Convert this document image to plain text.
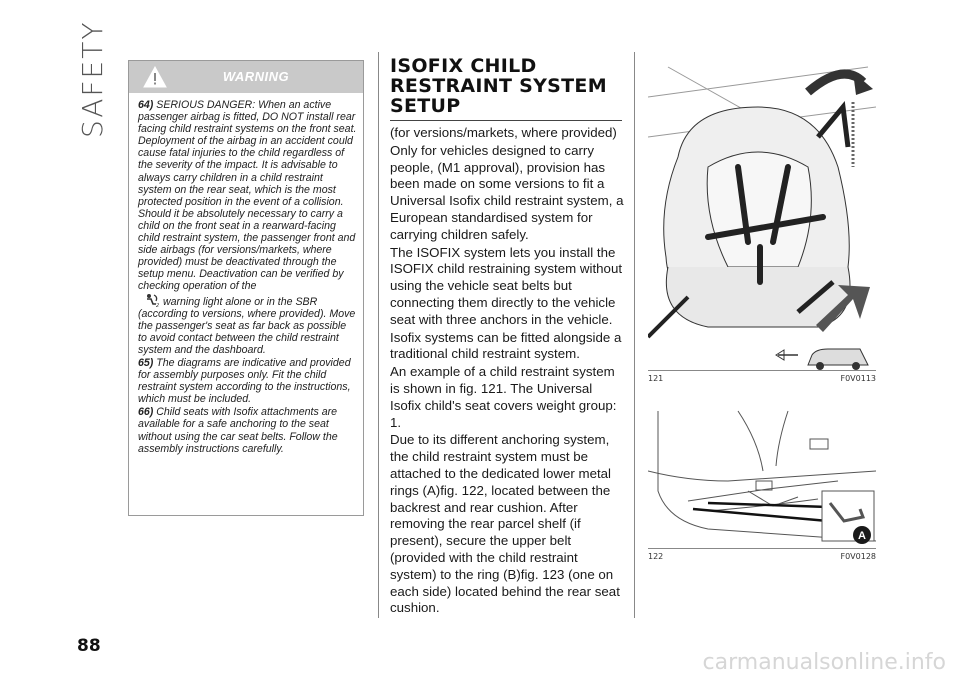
SAFETY
88
WARNING

64) SERIOUS DANGER: When an active passenger airbag is fitted, DO NOT install rear facing child restraint systems on the front seat. Deployment of the airbag in an accident could cause fatal injuries to the child regardless of the severity of the impact. It is advisable to always carry children in a child restraint system on the rear seat, which is the most protected position in the event of a collision. Should it be absolutely necessary to carry a child on the front seat in a rearward-facing child restraint system, the passenger front and side airbags (for versions/markets, where provided) must be deactivated through the setup menu. Deactivation can be verified by checking operation of the

2 warning light alone or in the SBR (according to versions, where provided). Move the passenger's seat as far back as possible to avoid contact between the child restraint system and the dashboard.

65) The diagrams are indicative and provided for assembly purposes only. Fit the child restraint system according to the instructions, which must be included.

66) Child seats with Isofix attachments are available for a safe anchoring to the seat without using the car seat belts. Follow the assembly instructions carefully.

ISOFIX CHILD RESTRAINT SYSTEM SETUP

(for versions/markets, where provided)

Only for vehicles designed to carry people, (M1 approval), provision has been made on some versions to fit a Universal Isofix child restraint system, a European standardised system for carrying children safely.

The ISOFIX system lets you install the ISOFIX child restraining system without using the vehicle seat belts but connecting them directly to the vehicle seat with three anchors in the vehicle.

Isofix systems can be fitted alongside a traditional child restraint system.

An example of a child restraint system is shown in fig. 121. The Universal Isofix child's seat covers weight group: 1.

Due to its different anchoring system, the child restraint system must be attached to the dedicated lower metal rings (A)fig. 122, located between the backrest and rear cushion. After removing the rear parcel shelf (if present), secure the upper belt (provided with the child restraint system) to the ring (B)fig. 123 (one on each side) located behind the rear seat cushion.

121	F0V0113
A
122	F0V0128
carmanualsonline.info
